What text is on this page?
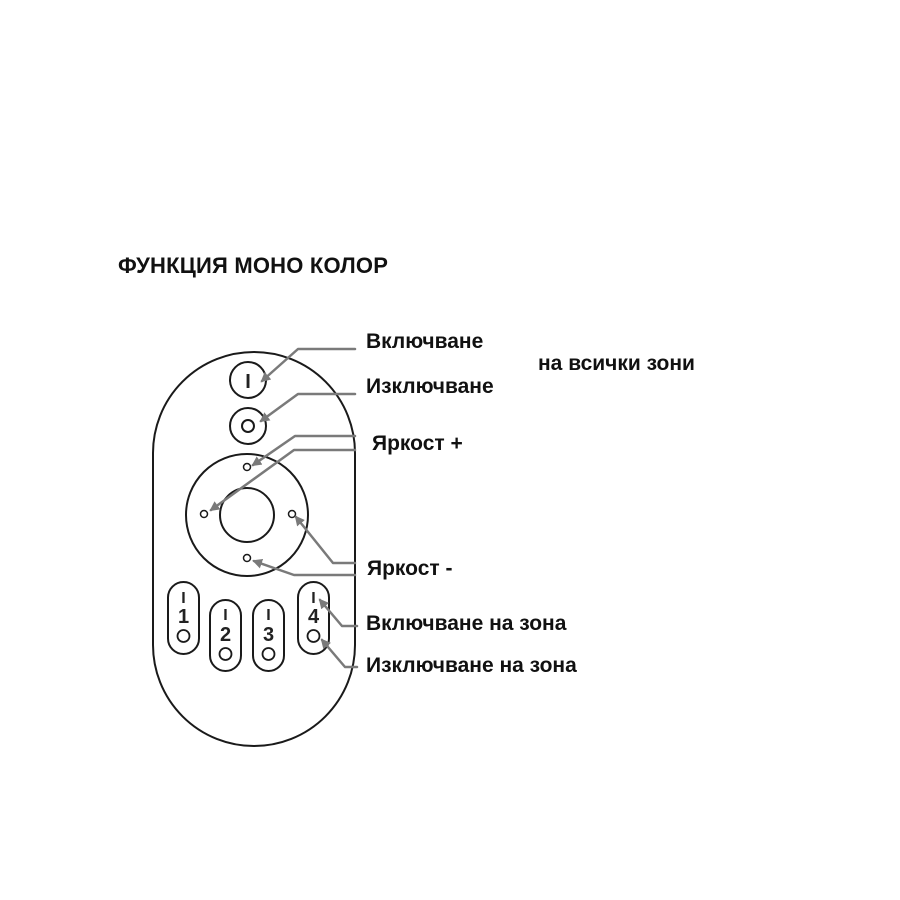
ФУНКЦИЯ МОНО КОЛОР
I
I
1 I
2
I
3
I
4
Включване
на всички зони
Изключване
Яркост +
Яркост -
Включване на зона
Изключване на зона
